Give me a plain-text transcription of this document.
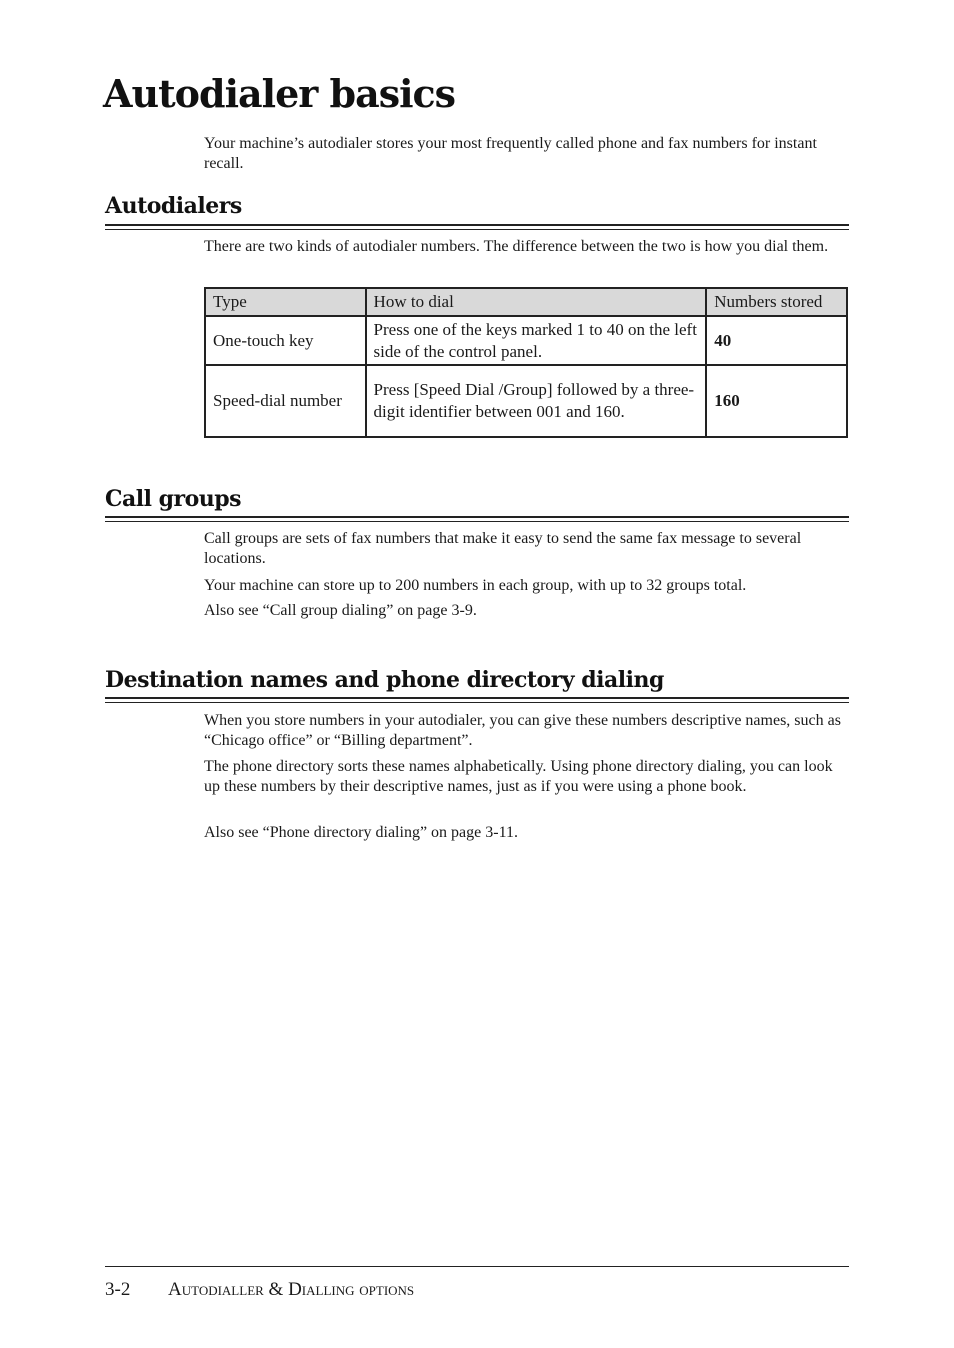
Autodialer basics

Your machine’s autodialer stores your most frequently called phone and fax numbers for instant recall.

Autodialers

There are two kinds of autodialer numbers. The difference between the two is how you dial them.

Type	How to dial	Numbers stored
One-touch key	Press one of the keys marked 1 to 40 on the left side of the control panel.	40
Speed-dial number	Press [Speed Dial /Group] followed by a three-digit identifier between 001 and 160.	160
Call groups

Call groups are sets of fax numbers that make it easy to send the same fax message to several locations.

Your machine can store up to 200 numbers in each group, with up to 32 groups total.

Also see “Call group dialing” on page 3-9.

Destination names and phone directory dialing

When you store numbers in your autodialer, you can give these numbers descriptive names, such as “Chicago office” or “Billing department”.

The phone directory sorts these names alphabetically. Using phone directory dialing, you can look up these numbers by their descriptive names, just as if you were using a phone book.

Also see “Phone directory dialing” on page 3-11.

3-2 Autodialler & Dialling options
